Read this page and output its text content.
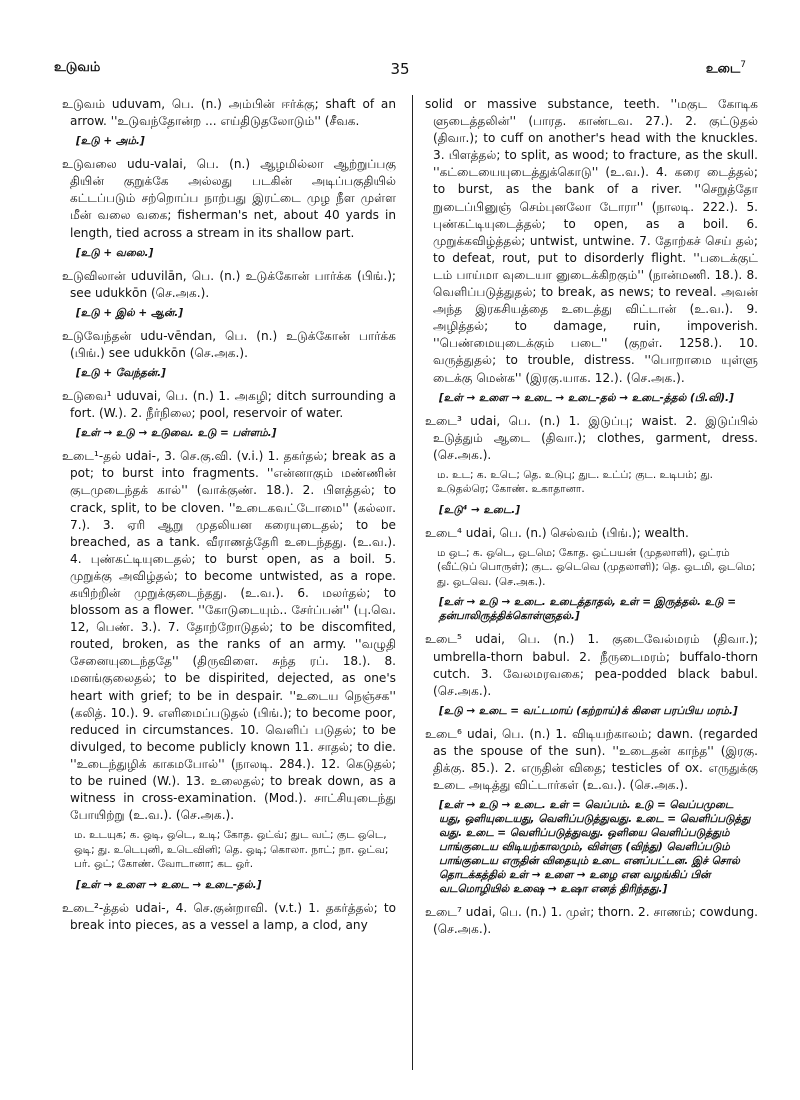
உடுவம்	35	உடை$^7$

உடுவம் uduvam, பெ. (n.) அம்பின் ஈர்க்கு; shaft of an arrow. ''உடுவந்தோன்ற ... எய்திடுதலோடும்'' (சீவக.

[உடு + அம்.]

உடுவலை udu-valai, பெ. (n.) ஆழமில்லா ஆற்றுப்பகு தியின் குறுக்கே அல்லது படகின் அடிப்பகுதியில் கட்டப்படும் சற்றொப்ப நாற்பது இரட்டை முழ நீள முள்ள மீன் வலை வகை; fisherman's net, about 40 yards in length, tied across a stream in its shallow part.

[உடு + வலை.]

உடுவிலான் uduvilān, பெ. (n.) உடுக்கோன் பார்க்க (பிங்.); see udukkōn (செ.அக.).

[உடு + இல் + ஆன்.]

உடுவேந்தன் udu-vēndan, பெ. (n.) உடுக்கோன் பார்க்க (பிங்.) see udukkōn (செ.அக.).

[உடு + வேந்தன்.]

உடுவை¹ uduvai, பெ. (n.) 1. அகழி; ditch surrounding a fort. (W.). 2. நீர்நிலை; pool, reservoir of water.

[உள் → உடு → உடுவை. உடு = பள்ளம்.]

உடை¹-தல் udai-, 3. செ.கு.வி. (v.i.) 1. தகர்தல்; break as a pot; to burst into fragments. ''என்னாகும் மண்ணின் குடமுடைந்தக் கால்'' (வாக்குண். 18.). 2. பிளத்தல்; to crack, split, to be cloven. ''உடைகவட்டோமை'' (கல்லா. 7.). 3. ஏரி ஆறு முதலியன கரையுடைதல்; to be breached, as a tank. வீராணத்தேரி உடைந்தது. (உ.வ.). 4. புண்கட்டியுடைதல்; to burst open, as a boil. 5. முறுக்கு அவிழ்தல்; to become untwisted, as a rope. கயிற்றின் முறுக்குடைந்தது. (உ.வ.). 6. மலர்தல்; to blossom as a flower. ''கோடுடையும்.. சேர்ப்பன்'' (பு.வெ. 12, பெண். 3.). 7. தோற்றோடுதல்; to be discomfited, routed, broken, as the ranks of an army. ''வழுதி சேனையுடைந்ததே'' (திருவிளை. சுந்த ரப். 18.). 8. மனங்குலைதல்; to be dispirited, dejected, as one's heart with grief; to be in despair. ''உடைய நெஞ்சக'' (கலித். 10.). 9. எளிமைப்படுதல் (பிங்.); to become poor, reduced in circumstances. 10. வெளிப் படுதல்; to be divulged, to become publicly known 11. சாதல்; to die. ''உடைந்துழிக் காகமபோல்'' (நாலடி. 284.). 12. கெடுதல்; to be ruined (W.). 13. உலைதல்; to break down, as a witness in cross-examination. (Mod.). சாட்சியுடைந்து போயிற்று (உ.வ.). (செ.அக.).

ம. உடயுக; க. ஒடி, ஒடெ, உடி; கோத. ஒட்வ்; துட வட்; குட ஒடெ, ஒடி; து. உடெபுனி, உடெவினி; தெ. ஒடி; கொலா. நாட்; நா. ஒட்வ; பர். ஒட்; கோண். வோடானா; கட ஒர்.

[உள் → உளை → உடை → உடை-தல்.]

உடை²-த்தல் udai-, 4. செ.குன்றாவி. (v.t.) 1. தகர்த்தல்; to break into pieces, as a vessel a lamp, a clod, any

solid or massive substance, teeth. ''மகுட கோடிக ளுடைத்தலின்'' (பாரத. காண்டவ. 27.). 2. குட்டுதல் (திவா.); to cuff on another's head with the knuckles. 3. பிளத்தல்; to split, as wood; to fracture, as the skull. ''கட்டையையுடைத்துக்கொடு'' (உ.வ.). 4. கரை டைத்தல்; to burst, as the bank of a river. ''செறுத்தோ றுடைப்பினுஞ் செம்புனலோ டோரா'' (நாலடி. 222.). 5. புண்கட்டியுடைத்தல்; to open, as a boil. 6. முறுக்கவிழ்த்தல்; untwist, untwine. 7. தோற்கச் செய் தல்; to defeat, rout, put to disorderly flight. ''படைக்குட் டம் பாய்மா வுடையா னுடைக்கிறகும்'' (நான்மணி. 18.). 8. வெளிப்படுத்துதல்; to break, as news; to reveal. அவன் அந்த இரகசியத்தை உடைத்து விட்டான் (உ.வ.). 9. அழித்தல்; to damage, ruin, impoverish. ''பெண்மையுடைக்கும் படை'' (குறள். 1258.). 10. வருத்துதல்; to trouble, distress. ''பொறாமை யுள்ளு டைக்கு மென்க'' (இரகு.யாக. 12.). (செ.அக.).

[உள் → உளை → உடை → உடை-தல் → உடை-த்தல் (பி.வி).]

உடை³ udai, பெ. (n.) 1. இடுப்பு; waist. 2. இடுப்பில் உடுத்தும் ஆடை (திவா.); clothes, garment, dress. (செ.அக.).

ம. உட; க. உடெ; தெ. உடுபு; துட. உட்ப்; குட. உடிபம்; து. உடுதல்ரெ; கோண். உகாதானா.

[உடு⁴ → உடை.]

உடை⁴ udai, பெ. (n.) செல்வம் (பிங்.); wealth.

ம ஒட; க. ஒடெ, ஒடமெ; கோத. ஒட்பயன் (முதலாளி), ஒட்ரம் (வீட்டுப் பொருள்); குட. ஒடெவெ (முதலாளி); தெ. ஒடமி, ஒடமெ; து. ஒடவெ. (செ.அக.).

[உள் → உடு → உடை. உடைத்தாதல், உள் = இருத்தல். உடு = தன்பாலிருத்திக்கொள்ளுதல்.]

உடை⁵ udai, பெ. (n.) 1. குடைவேல்மரம் (திவா.); umbrella-thorn babul. 2. நீருடைமரம்; buffalo-thorn cutch. 3. வேலமரவகை; pea-podded black babul. (செ.அக.).

[உடு → உடை = வட்டமாய் (கற்றாய்)க் கிளை பரப்பிய மரம்.]

உடை⁶ udai, பெ. (n.) 1. விடியற்காலம்; dawn. (regarded as the spouse of the sun). ''உடைதன் காந்த'' (இரகு. திக்கு. 85.). 2. எருதின் விதை; testicles of ox. எருதுக்கு உடை அடித்து விட்டார்கள் (உ.வ.). (செ.அக.).

[உள் → உடு → உடை. உள் = வெப்பம். உடு = வெப்பமுடை யது, ஒளியுடையது, வெளிப்படுத்துவது. உடை = வெளிப்படுத்து வது. உடை = வெளிப்படுத்துவது. ஒளியை வெளிப்படுத்தும் பாங்குடைய விடியற்காலமும், விள்ளு (விந்து) வெளிப்படும் பாங்குடைய எருதின் விதையும் உடை எனப்பட்டன. இச் சொல் தொடக்கத்தில் உள் → உளை → உழை என வழங்கிப் பின் வடமொழியில் உஷை → உஷா எனத் திரிந்தது.]

உடை⁷ udai, பெ. (n.) 1. முள்; thorn. 2. சாணம்; cowdung. (செ.அக.).
